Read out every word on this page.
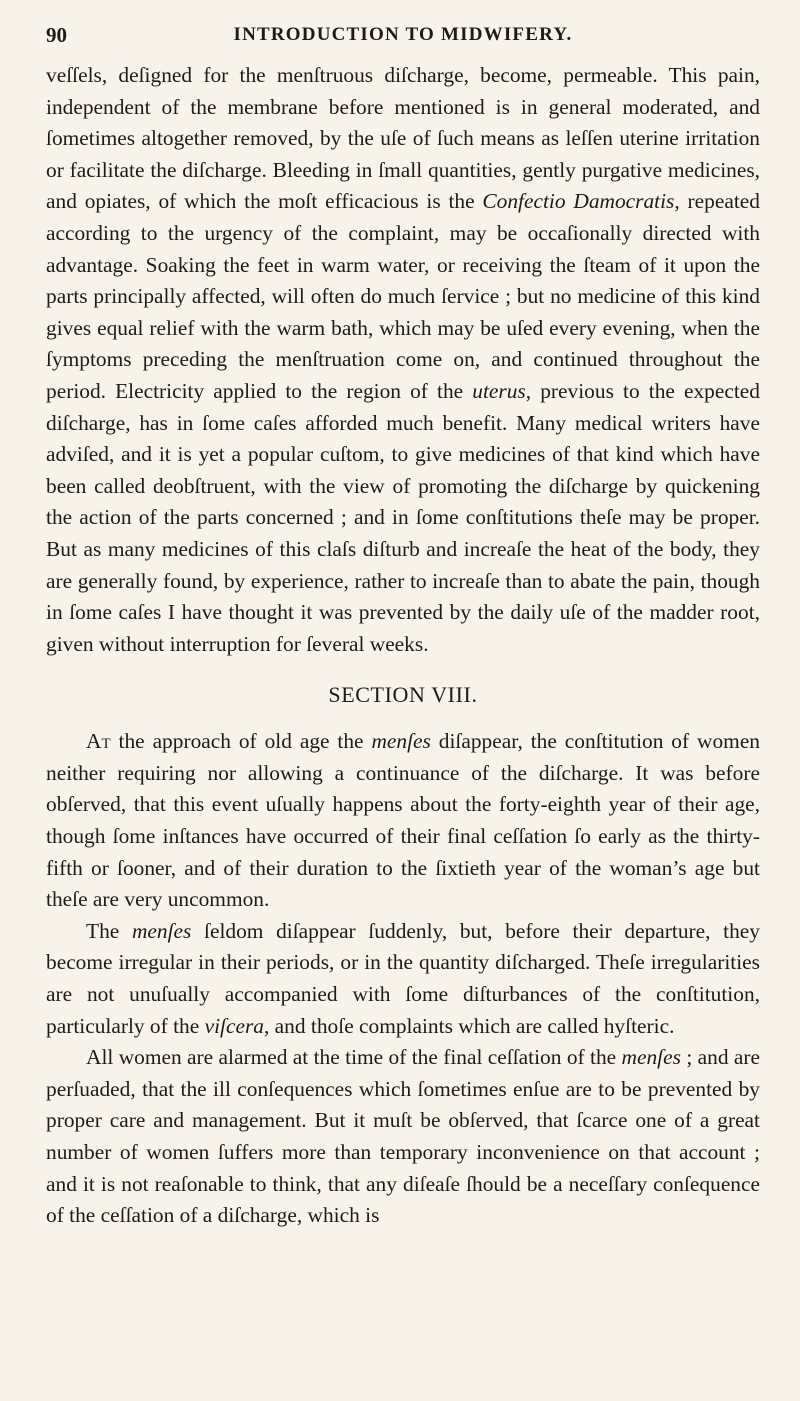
90	INTRODUCTION TO MIDWIFERY.

veſſels, deſigned for the menſtruous diſcharge, become, permeable. This pain, independent of the membrane before mentioned is in general moderated, and ſometimes altogether removed, by the uſe of ſuch means as leſſen uterine irritation or facilitate the diſcharge. Bleeding in ſmall quantities, gently purgative medicines, and opiates, of which the moſt efficacious is the Confectio Damocratis, repeated according to the urgency of the complaint, may be occaſionally directed with advantage. Soaking the feet in warm water, or receiving the ſteam of it upon the parts principally affected, will often do much ſervice ; but no medicine of this kind gives equal relief with the warm bath, which may be uſed every evening, when the ſymptoms preceding the menſtruation come on, and continued throughout the period. Electricity applied to the region of the uterus, previous to the expected diſcharge, has in ſome caſes afforded much benefit. Many medical writers have adviſed, and it is yet a popular cuſtom, to give medicines of that kind which have been called deobſtruent, with the view of promoting the diſcharge by quickening the action of the parts concerned ; and in ſome conſtitutions theſe may be proper. But as many medicines of this claſs diſturb and increaſe the heat of the body, they are generally found, by experience, rather to increaſe than to abate the pain, though in ſome caſes I have thought it was prevented by the daily uſe of the madder root, given without interruption for ſeveral weeks.

SECTION VIII.

At the approach of old age the menſes diſappear, the conſtitution of women neither requiring nor allowing a continuance of the diſcharge. It was before obſerved, that this event uſually happens about the forty-eighth year of their age, though ſome inſtances have occurred of their final ceſſation ſo early as the thirty-fifth or ſooner, and of their duration to the ſixtieth year of the woman’s age but theſe are very uncommon.

The menſes ſeldom diſappear ſuddenly, but, before their departure, they become irregular in their periods, or in the quantity diſcharged. Theſe irregularities are not unuſually accompanied with ſome diſturbances of the conſtitution, particularly of the viſcera, and thoſe complaints which are called hyſteric.

All women are alarmed at the time of the final ceſſation of the menſes ; and are perſuaded, that the ill conſequences which ſometimes enſue are to be prevented by proper care and management. But it muſt be obſerved, that ſcarce one of a great number of women ſuffers more than temporary inconvenience on that account ; and it is not reaſonable to think, that any diſeaſe ſhould be a neceſſary conſequence of the ceſſation of a diſcharge, which is
